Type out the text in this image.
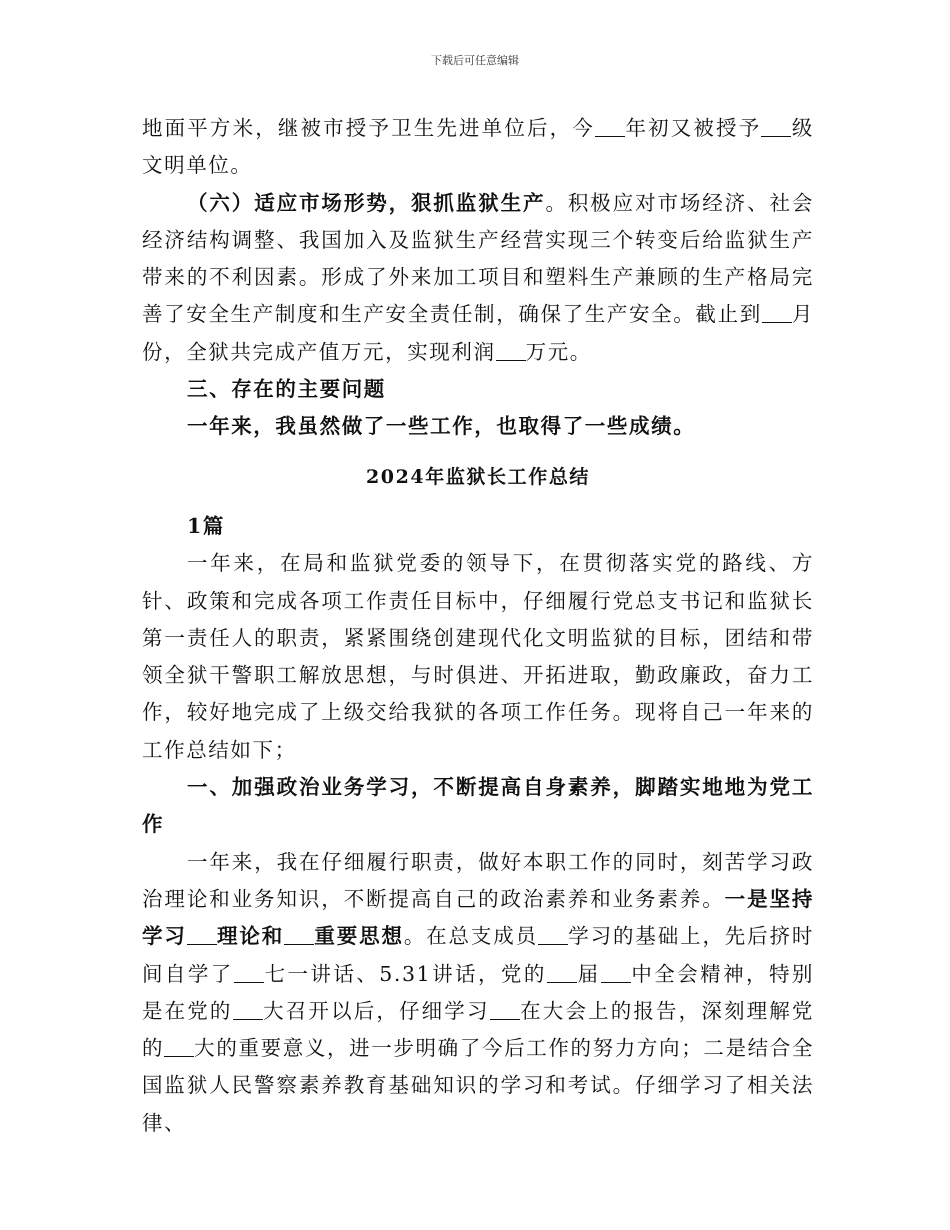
下载后可任意编辑

地面平方米，继被市授予卫生先进单位后，今 年初又被授予 级文明单位。

（六）适应市场形势，狠抓监狱生产。积极应对市场经济、社会经济结构调整、我国加入及监狱生产经营实现三个转变后给监狱生产带来的不利因素。形成了外来加工项目和塑料生产兼顾的生产格局完善了安全生产制度和生产安全责任制，确保了生产安全。截止到 月份，全狱共完成产值万元，实现利润 万元。

三、存在的主要问题

一年来，我虽然做了一些工作，也取得了一些成绩。

2024年监狱长工作总结

1篇

一年来，在局和监狱党委的领导下，在贯彻落实党的路线、方针、政策和完成各项工作责任目标中，仔细履行党总支书记和监狱长第一责任人的职责，紧紧围绕创建现代化文明监狱的目标，团结和带领全狱干警职工解放思想，与时俱进、开拓进取，勤政廉政，奋力工作，较好地完成了上级交给我狱的各项工作任务。现将自己一年来的工作总结如下；

一、加强政治业务学习，不断提高自身素养，脚踏实地地为党工作

一年来，我在仔细履行职责，做好本职工作的同时，刻苦学习政治理论和业务知识，不断提高自己的政治素养和业务素养。一是坚持学习 理论和 重要思想。在总支成员 学习的基础上，先后挤时间自学了 七一讲话、5.31讲话，党的 届 中全会精神，特别是在党的 大召开以后，仔细学习 在大会上的报告，深刻理解党的 大的重要意义，进一步明确了今后工作的努力方向；二是结合全国监狱人民警察素养教育基础知识的学习和考试。仔细学习了相关法律、
